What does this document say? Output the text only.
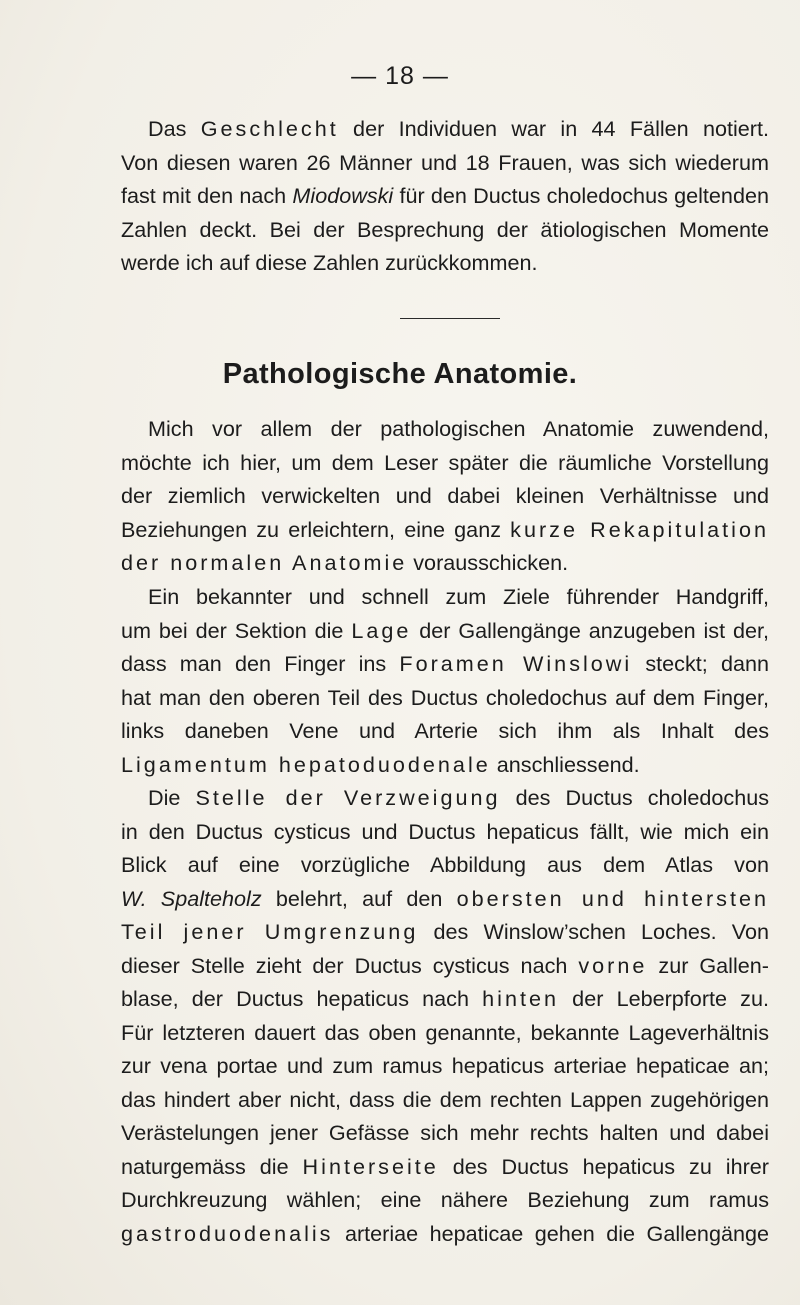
— 18 —
Das Geschlecht der Individuen war in 44 Fällen notiert.
Von diesen waren 26 Männer und 18 Frauen, was sich wiederum
fast mit den nach Miodowski für den Ductus choledochus geltenden
Zahlen deckt. Bei der Besprechung der ätiologischen Momente
werde ich auf diese Zahlen zurückkommen.
Pathologische Anatomie.
Mich vor allem der pathologischen Anatomie zuwendend,
möchte ich hier, um dem Leser später die räumliche Vorstellung
der ziemlich verwickelten und dabei kleinen Verhältnisse und
Beziehungen zu erleichtern, eine ganz kurze Rekapitulation
der normalen Anatomie vorausschicken.
Ein bekannter und schnell zum Ziele führender Handgriff,
um bei der Sektion die Lage der Gallengänge anzugeben ist der,
dass man den Finger ins Foramen Winslowi steckt; dann
hat man den oberen Teil des Ductus choledochus auf dem Finger,
links daneben Vene und Arterie sich ihm als Inhalt des
Ligamentum hepatoduodenale anschliessend.
Die Stelle der Verzweigung des Ductus choledochus
in den Ductus cysticus und Ductus hepaticus fällt, wie mich ein
Blick auf eine vorzügliche Abbildung aus dem Atlas von
W. Spalteholz belehrt, auf den obersten und hintersten
Teil jener Umgrenzung des Winslow’schen Loches. Von
dieser Stelle zieht der Ductus cysticus nach vorne zur Gallen-
blase, der Ductus hepaticus nach hinten der Leberpforte zu.
Für letzteren dauert das oben genannte, bekannte Lageverhältnis
zur vena portae und zum ramus hepaticus arteriae hepaticae an;
das hindert aber nicht, dass die dem rechten Lappen zugehörigen
Verästelungen jener Gefässe sich mehr rechts halten und dabei
naturgemäss die Hinterseite des Ductus hepaticus zu ihrer
Durchkreuzung wählen; eine nähere Beziehung zum ramus
gastroduodenalis arteriae hepaticae gehen die Gallengänge
